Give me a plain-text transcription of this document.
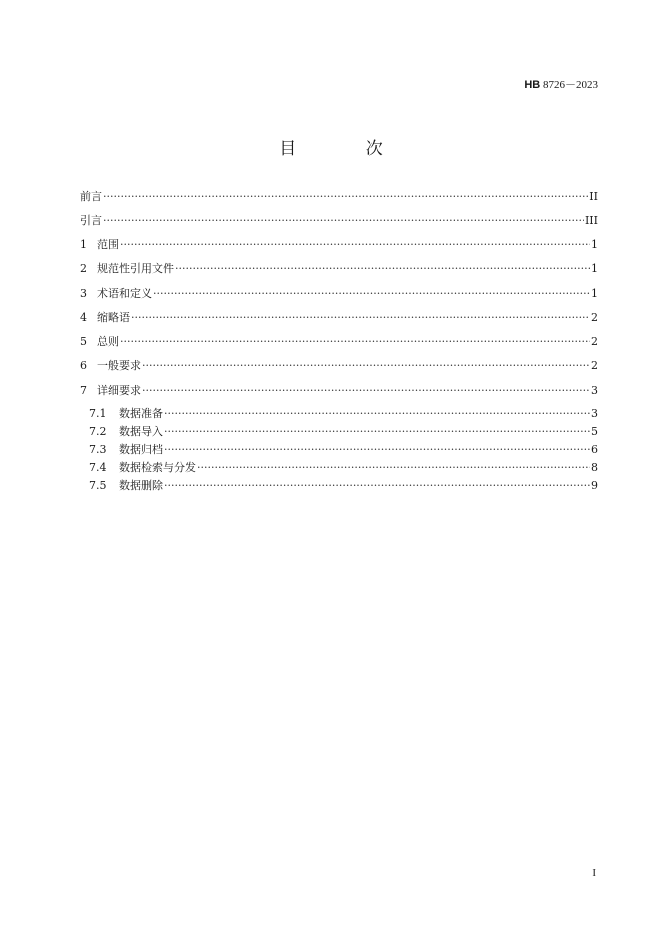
HB 8726－2023
目 次
前言 ·····	II
引言 ·····	III
1 范围 ·····	1
2 规范性引用文件 ·····	1
3 术语和定义 ·····	1
4 缩略语 ·····	2
5 总则 ·····	2
6 一般要求 ·····	2
7 详细要求 ·····	3
7.1	数据准备 ·····	3
7.2	数据导入 ·····	5
7.3	数据归档 ·····	6
7.4	数据检索与分发 ·····	8
7.5	数据删除 ·····	9
I
